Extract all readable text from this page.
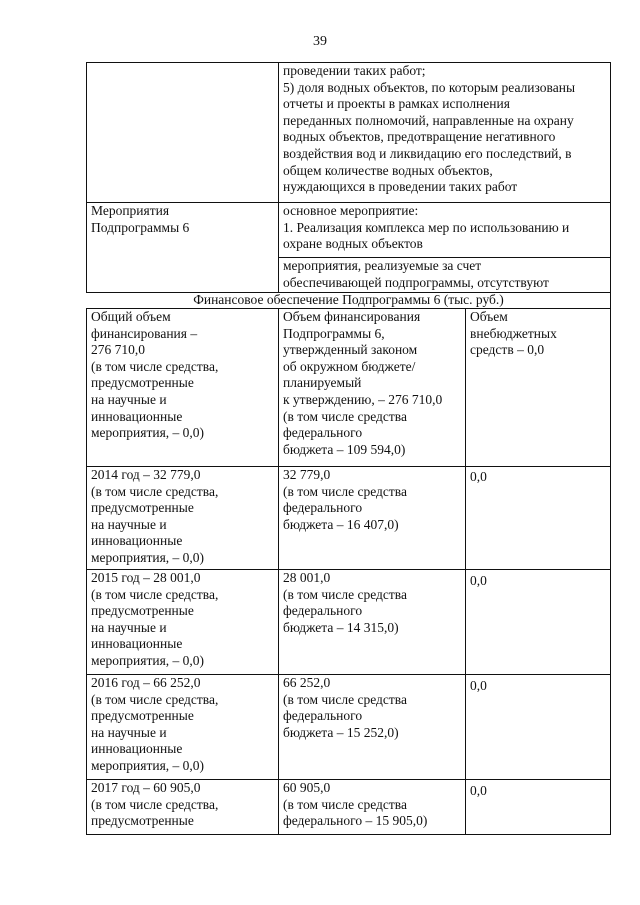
39
проведении таких работ;
5) доля водных объектов, по которым реализованы отчеты и проекты в рамках исполнения
переданных полномочий, направленные на охрану водных объектов, предотвращение негативного
воздействия вод и ликвидацию его последствий, в общем количестве водных объектов,
нуждающихся в проведении таких работ
Мероприятия
Подпрограммы 6
основное мероприятие:
1. Реализация комплекса мер по использованию и охране водных объектов
мероприятия, реализуемые за счет
обеспечивающей подпрограммы, отсутствуют
Финансовое обеспечение Подпрограммы 6 (тыс. руб.)
Общий объем
финансирования –
276 710,0
(в том числе средства,
предусмотренные
на научные и
инновационные
мероприятия, – 0,0)
Объем финансирования
Подпрограммы 6,
утвержденный законом
об окружном бюджете/
планируемый
к утверждению, – 276 710,0
(в том числе средства
федерального
бюджета – 109 594,0)
Объем
внебюджетных
средств – 0,0
2014 год – 32 779,0
(в том числе средства,
предусмотренные
на научные и
инновационные
мероприятия, – 0,0)
32 779,0
(в том числе средства
федерального
бюджета – 16 407,0)
0,0
2015 год – 28 001,0
(в том числе средства,
предусмотренные
на научные и
инновационные
мероприятия, – 0,0)
28 001,0
(в том числе средства
федерального
бюджета – 14 315,0)
0,0
2016 год – 66 252,0
(в том числе средства,
предусмотренные
на научные и
инновационные
мероприятия, – 0,0)
66 252,0
(в том числе средства
федерального
бюджета – 15 252,0)
0,0
2017 год – 60 905,0
(в том числе средства,
предусмотренные
60 905,0
(в том числе средства
федерального – 15 905,0)
0,0
